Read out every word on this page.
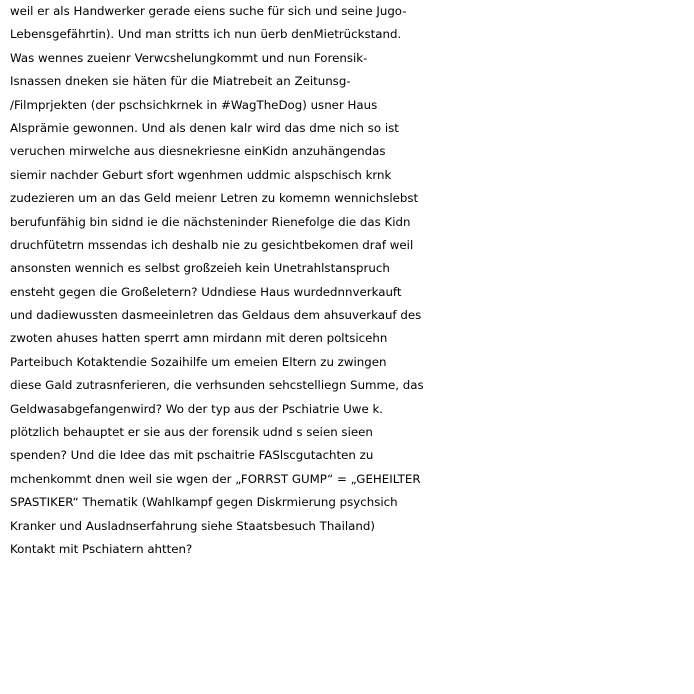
weil er als Handwerker gerade eiens suche für sich und seine Jugo-
Lebensgefährtin). Und man stritts ich nun üerb denMietrückstand.
Was wennes zueienr Verwcshelungkommt und nun Forensik-
Isnassen dneken sie häten für die Miatrebeit an Zeitunsg-
/Filmprjekten (der pschsichkrnek in #WagTheDog) usner Haus
Alsprämie gewonnen. Und als denen kalr wird das dme nich so ist
veruchen mirwelche aus diesnekriesne einKidn anzuhängendas
siemir nachder Geburt sfort wgenhmen uddmic alspschisch krnk
zudezieren um an das Geld meienr Letren zu komemn wennichslebst
berufunfähig bin sidnd ie die nächsteninder Rienefolge die das Kidn
druchfütetrn mssendas ich deshalb nie zu gesichtbekomen draf weil
ansonsten wennich es selbst großzeieh kein Unetrahlstanspruch
ensteht gegen die Großeletern? Udndiese Haus wurdednnverkauft
und dadiewussten dasmeeinletren das Geldaus dem ahsuverkauf des
zwoten ahuses hatten sperrt amn mirdann mit deren poltsicehn
Parteibuch Kotaktendie Sozaihilfe um emeien Eltern zu zwingen
diese Gald zutrasnferieren, die verhsunden sehcstelliegn Summe, das
Geldwasabgefangenwird? Wo der typ aus der Pschiatrie Uwe k.
plötzlich behauptet er sie aus der forensik udnd s seien sieen
spenden? Und die Idee das mit pschaitrie FASlscgutachten zu
mchenkommt dnen weil sie wgen der „FORRST GUMP“ = „GEHEILTER
SPASTIKER“ Thematik (Wahlkampf gegen Diskrmierung psychsich
Kranker und Ausladnserfahrung siehe Staatsbesuch Thailand)
Kontakt mit Pschiatern ahtten?
